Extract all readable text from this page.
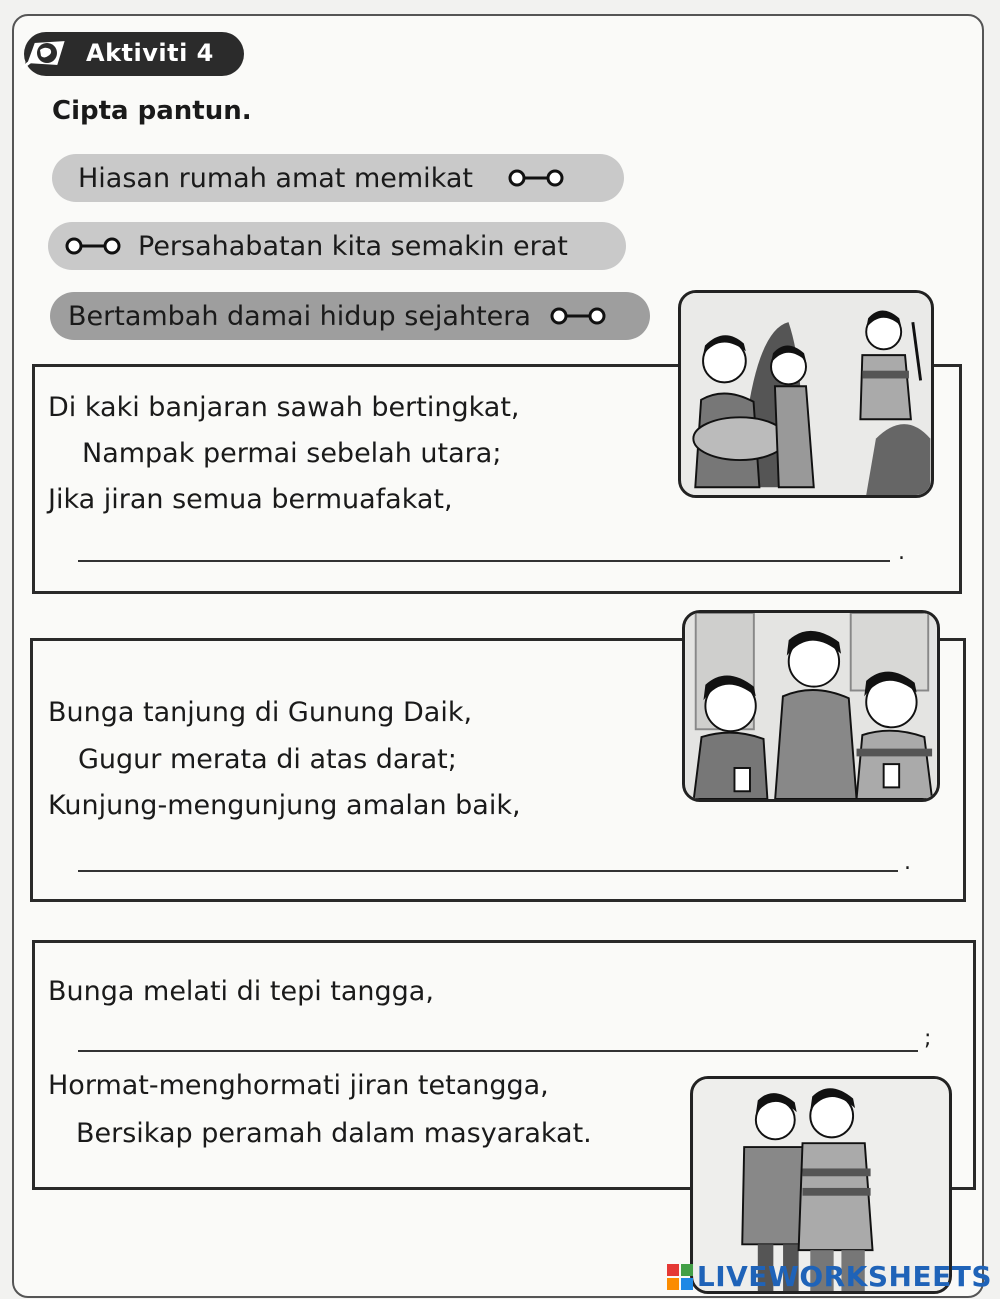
Aktiviti 4
Cipta pantun.
Hiasan rumah amat memikat
Persahabatan kita semakin erat
Bertambah damai hidup sejahtera
Di kaki banjaran sawah bertingkat,
Nampak permai sebelah utara;
Jika jiran semua bermuafakat,
.
Bunga tanjung di Gunung Daik,
Gugur merata di atas darat;
Kunjung-mengunjung amalan baik,
.
Bunga melati di tepi tangga,
;
Hormat-menghormati jiran tetangga,
Bersikap peramah dalam masyarakat.
LIVEWORKSHEETS
